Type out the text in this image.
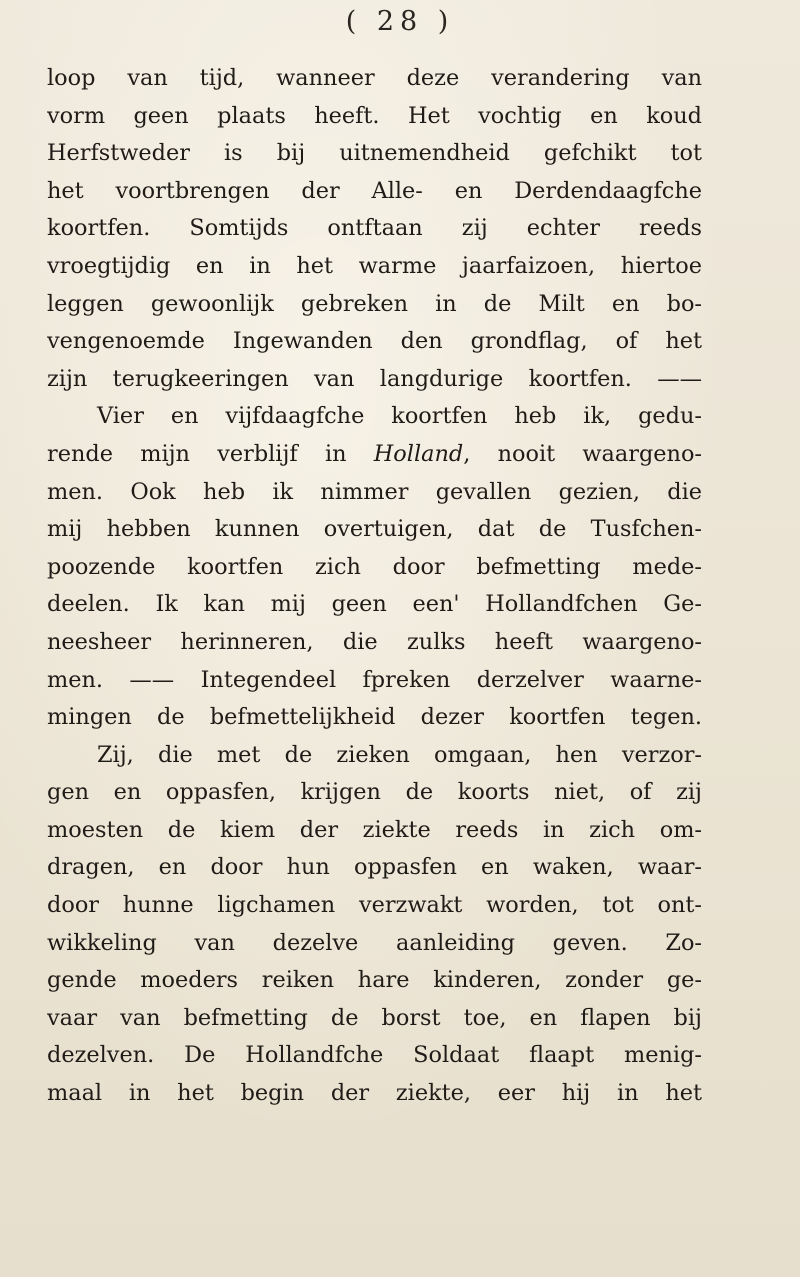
( 28 )
loop van tijd, wanneer deze verandering van
vorm geen plaats heeft. Het vochtig en koud
Herfstweder is bij uitnemendheid gefchikt tot
het voortbrengen der Alle- en Derdendaagfche
koortfen. Somtijds ontftaan zij echter reeds
vroegtijdig en in het warme jaarfaizoen, hiertoe
leggen gewoonlijk gebreken in de Milt en bo-
vengenoemde Ingewanden den grondflag, of het
zijn terugkeeringen van langdurige koortfen. ——
Vier en vijfdaagfche koortfen heb ik, gedu-
rende mijn verblijf in Holland, nooit waargeno-
men. Ook heb ik nimmer gevallen gezien, die
mij hebben kunnen overtuigen, dat de Tusfchen-
poozende koortfen zich door befmetting mede-
deelen. Ik kan mij geen een' Hollandfchen Ge-
neesheer herinneren, die zulks heeft waargeno-
men. —— Integendeel fpreken derzelver waarne-
mingen de befmettelijkheid dezer koortfen tegen.
Zij, die met de zieken omgaan, hen verzor-
gen en oppasfen, krijgen de koorts niet, of zij
moesten de kiem der ziekte reeds in zich om-
dragen, en door hun oppasfen en waken, waar-
door hunne ligchamen verzwakt worden, tot ont-
wikkeling van dezelve aanleiding geven. Zo-
gende moeders reiken hare kinderen, zonder ge-
vaar van befmetting de borst toe, en flapen bij
dezelven. De Hollandfche Soldaat flaapt menig-
maal in het begin der ziekte, eer hij in het
